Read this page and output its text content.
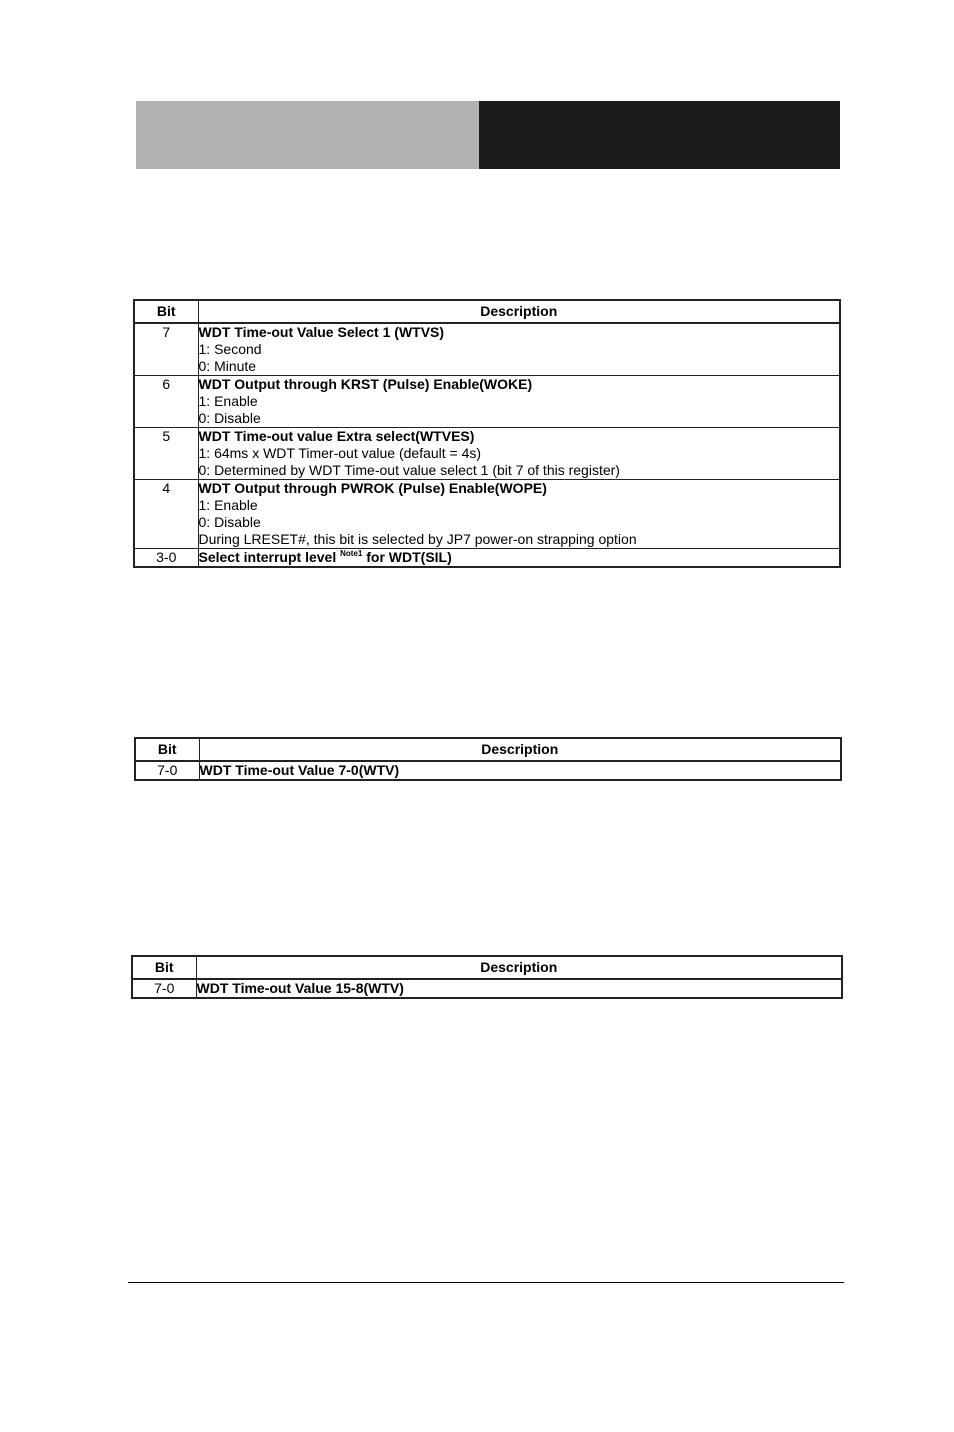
Bit	Description
7	WDT Time-out Value Select 1 (WTVS)
1: Second
0: Minute

6	WDT Output through KRST (Pulse) Enable(WOKE)
1: Enable
0: Disable

5	WDT Time-out value Extra select(WTVES)
1: 64ms x WDT Timer-out value (default = 4s)
0: Determined by WDT Time-out value select 1 (bit 7 of this register)

4	WDT Output through PWROK (Pulse) Enable(WOPE)
1: Enable
0: Disable
During LRESET#, this bit is selected by JP7 power-on strapping option

3-0	Select interrupt level $^{Note1}$ for WDT(SIL)
Bit	Description
7-0	WDT Time-out Value 7-0(WTV)
Bit	Description
7-0	WDT Time-out Value 15-8(WTV)
